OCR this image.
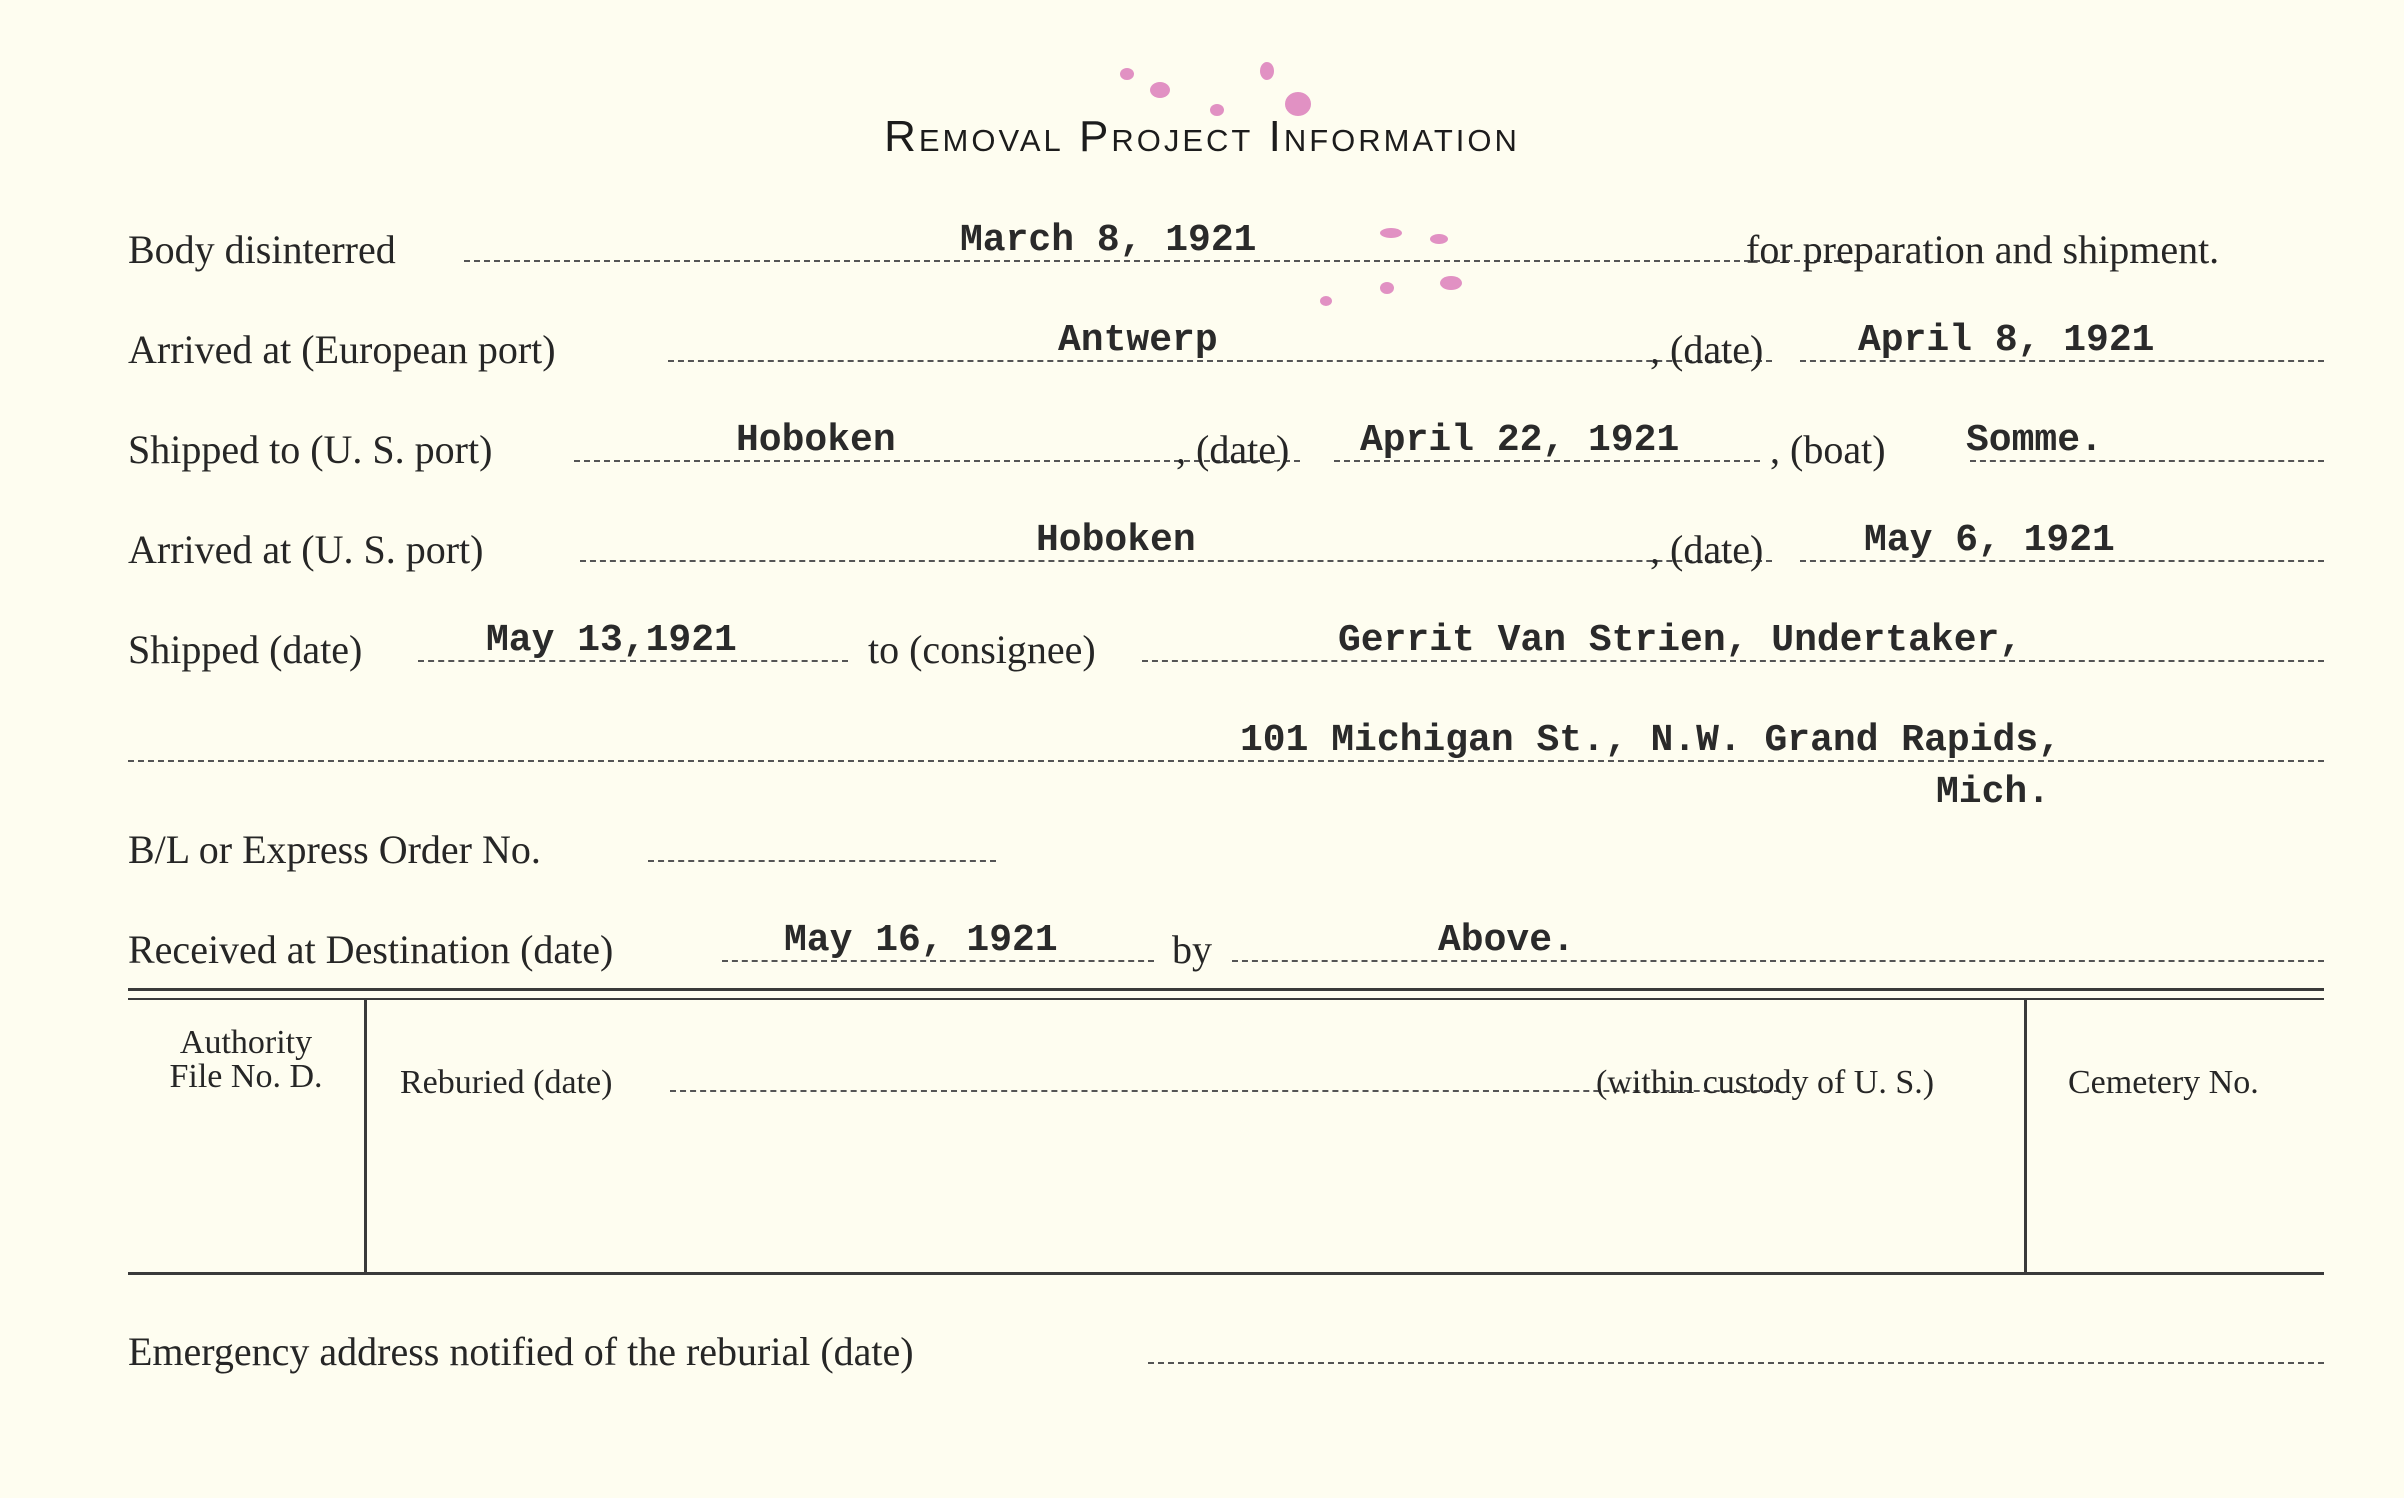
Removal Project Information
Body disinterred	March 8, 1921	for preparation and shipment.
Arrived at (European port)	Antwerp	, (date) April 8, 1921
Shipped to (U. S. port)	Hoboken	, (date) April 22, 1921 , (boat) Somme.
Arrived at (U. S. port)	Hoboken	, (date)	May 6, 1921
Shipped (date)	May 13,1921	to (consignee)	Gerrit Van Strien, Undertaker,
101 Michigan St., N.W. Grand Rapids,
Mich.
B/L or Express Order No.
Received at Destination (date)	May 16, 1921	by	Above.
Authority
File No. D.	Reburied (date)	(within custody of U. S.)	Cemetery No.
Emergency address notified of the reburial (date)
